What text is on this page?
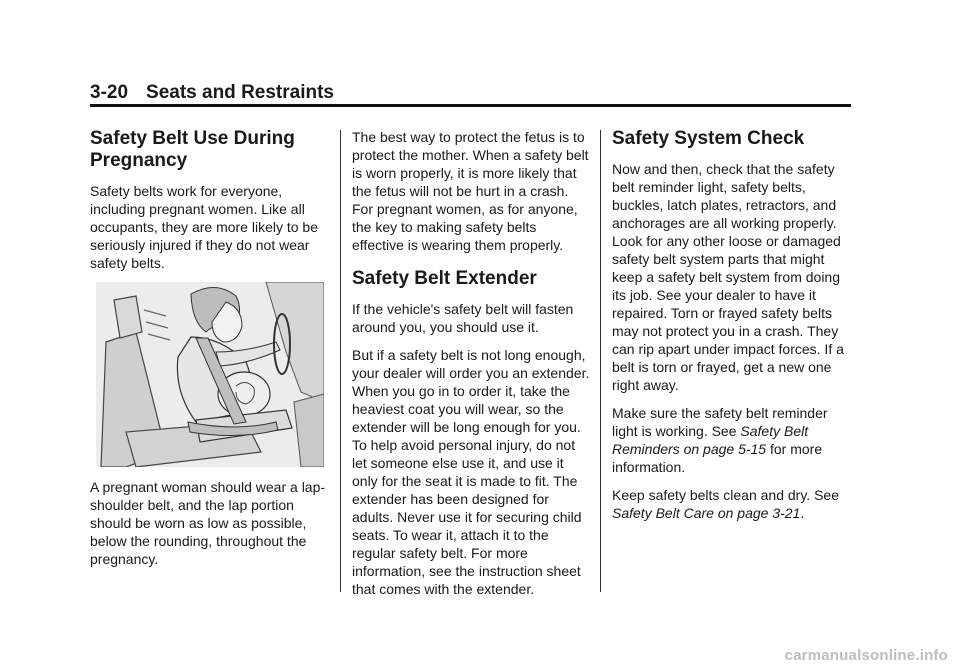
3-20 Seats and Restraints
Safety Belt Use During Pregnancy

Safety belts work for everyone, including pregnant women. Like all occupants, they are more likely to be seriously injured if they do not wear safety belts.

A pregnant woman should wear a lap-shoulder belt, and the lap portion should be worn as low as possible, below the rounding, throughout the pregnancy.

The best way to protect the fetus is to protect the mother. When a safety belt is worn properly, it is more likely that the fetus will not be hurt in a crash. For pregnant women, as for anyone, the key to making safety belts effective is wearing them properly.

Safety Belt Extender

If the vehicle's safety belt will fasten around you, you should use it.

But if a safety belt is not long enough, your dealer will order you an extender. When you go in to order it, take the heaviest coat you will wear, so the extender will be long enough for you. To help avoid personal injury, do not let someone else use it, and use it only for the seat it is made to fit. The extender has been designed for adults. Never use it for securing child seats. To wear it, attach it to the regular safety belt. For more information, see the instruction sheet that comes with the extender.

Safety System Check

Now and then, check that the safety belt reminder light, safety belts, buckles, latch plates, retractors, and anchorages are all working properly. Look for any other loose or damaged safety belt system parts that might keep a safety belt system from doing its job. See your dealer to have it repaired. Torn or frayed safety belts may not protect you in a crash. They can rip apart under impact forces. If a belt is torn or frayed, get a new one right away.

Make sure the safety belt reminder light is working. See Safety Belt Reminders on page 5-15 for more information.

Keep safety belts clean and dry. See Safety Belt Care on page 3-21.

carmanualsonline.info
